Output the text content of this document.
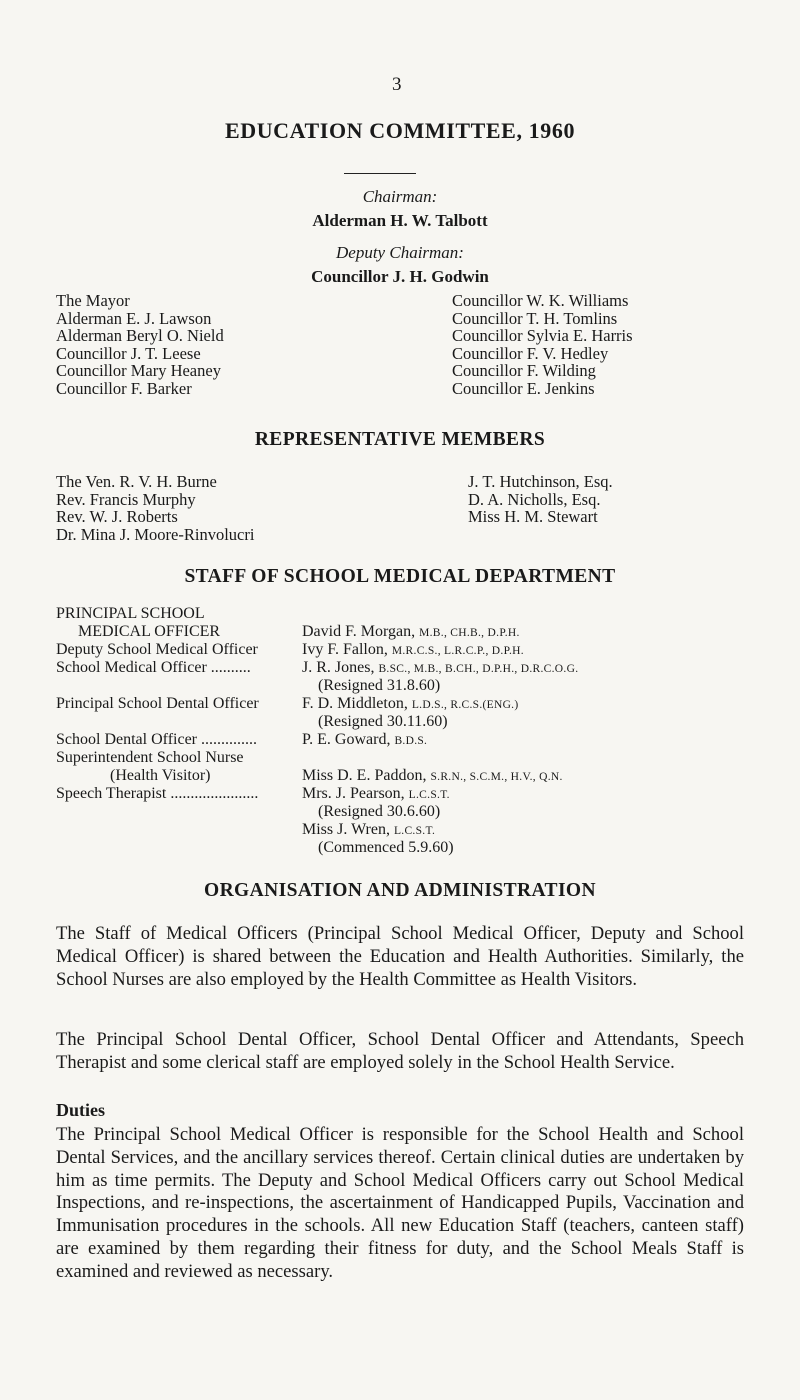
3
EDUCATION COMMITTEE, 1960
Chairman:
Alderman H. W. Talbott
Deputy Chairman:
Councillor J. H. Godwin
The Mayor
Alderman E. J. Lawson
Alderman Beryl O. Nield
Councillor J. T. Leese
Councillor Mary Heaney
Councillor F. Barker
Councillor W. K. Williams
Councillor T. H. Tomlins
Councillor Sylvia E. Harris
Councillor F. V. Hedley
Councillor F. Wilding
Councillor E. Jenkins
REPRESENTATIVE MEMBERS
The Ven. R. V. H. Burne
Rev. Francis Murphy
Rev. W. J. Roberts
Dr. Mina J. Moore-Rinvolucri
J. T. Hutchinson, Esq.
D. A. Nicholls, Esq.
Miss H. M. Stewart
STAFF OF SCHOOL MEDICAL DEPARTMENT
PRINCIPAL SCHOOL
MEDICAL OFFICER
Deputy School Medical Officer
School Medical Officer ..........
Principal School Dental Officer
School Dental Officer ..............
Superintendent School Nurse
(Health Visitor)
Speech Therapist ......................
David F. Morgan, M.B., CH.B., D.P.H.
Ivy F. Fallon, M.R.C.S., L.R.C.P., D.P.H.
J. R. Jones, B.SC., M.B., B.CH., D.P.H., D.R.C.O.G.
(Resigned 31.8.60)
F. D. Middleton, L.D.S., R.C.S.(ENG.)
(Resigned 30.11.60)
P. E. Goward, B.D.S.
Miss D. E. Paddon, S.R.N., S.C.M., H.V., Q.N.
Mrs. J. Pearson, L.C.S.T.
(Resigned 30.6.60)
Miss J. Wren, L.C.S.T.
(Commenced 5.9.60)
ORGANISATION AND ADMINISTRATION
The Staff of Medical Officers (Principal School Medical Officer, Deputy and School Medical Officer) is shared between the Education and Health Authorities. Similarly, the School Nurses are also employed by the Health Committee as Health Visitors.
The Principal School Dental Officer, School Dental Officer and Attendants, Speech Therapist and some clerical staff are employed solely in the School Health Service.
Duties
The Principal School Medical Officer is responsible for the School Health and School Dental Services, and the ancillary services thereof. Certain clinical duties are undertaken by him as time permits. The Deputy and School Medical Officers carry out School Medical Inspections, and re-inspections, the ascertainment of Handicapped Pupils, Vaccination and Immunisation procedures in the schools. All new Education Staff (teachers, canteen staff) are examined by them regarding their fitness for duty, and the School Meals Staff is examined and reviewed as necessary.
